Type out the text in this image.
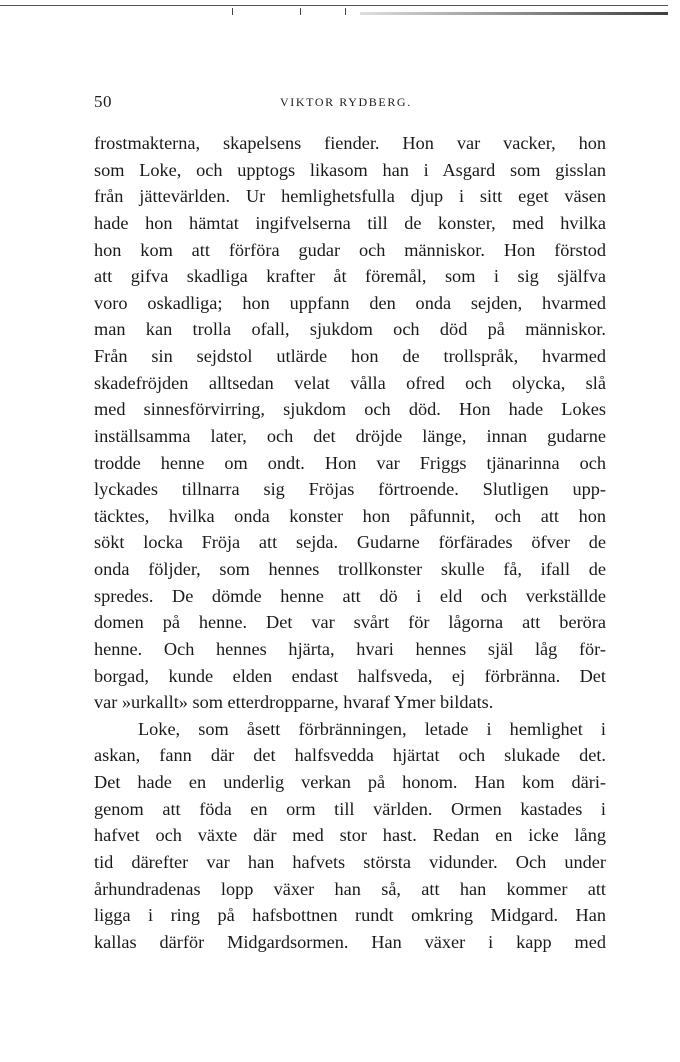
50	VIKTOR RYDBERG.
frostmakterna, skapelsens fiender. Hon var vacker, hon
som Loke, och upptogs likasom han i Asgard som gisslan
från jättevärlden. Ur hemlighetsfulla djup i sitt eget väsen
hade hon hämtat ingifvelserna till de konster, med hvilka
hon kom att förföra gudar och människor. Hon förstod
att gifva skadliga krafter åt föremål, som i sig själfva
voro oskadliga; hon uppfann den onda sejden, hvarmed
man kan trolla ofall, sjukdom och död på människor.
Från sin sejdstol utlärde hon de trollspråk, hvarmed
skadefröjden alltsedan velat vålla ofred och olycka, slå
med sinnesförvirring, sjukdom och död. Hon hade Lokes
inställsamma later, och det dröjde länge, innan gudarne
trodde henne om ondt. Hon var Friggs tjänarinna och
lyckades tillnarra sig Fröjas förtroende. Slutligen upp-
täcktes, hvilka onda konster hon påfunnit, och att hon
sökt locka Fröja att sejda. Gudarne förfärades öfver de
onda följder, som hennes trollkonster skulle få, ifall de
spredes. De dömde henne att dö i eld och verkställde
domen på henne. Det var svårt för lågorna att beröra
henne. Och hennes hjärta, hvari hennes själ låg för-
borgad, kunde elden endast halfsveda, ej förbränna. Det
var »urkallt» som etterdropparne, hvaraf Ymer bildats.
Loke, som åsett förbränningen, letade i hemlighet i
askan, fann där det halfsvedda hjärtat och slukade det.
Det hade en underlig verkan på honom. Han kom däri-
genom att föda en orm till världen. Ormen kastades i
hafvet och växte där med stor hast. Redan en icke lång
tid därefter var han hafvets största vidunder. Och under
århundradenas lopp växer han så, att han kommer att
ligga i ring på hafsbottnen rundt omkring Midgard. Han
kallas därför Midgardsormen. Han växer i kapp med
